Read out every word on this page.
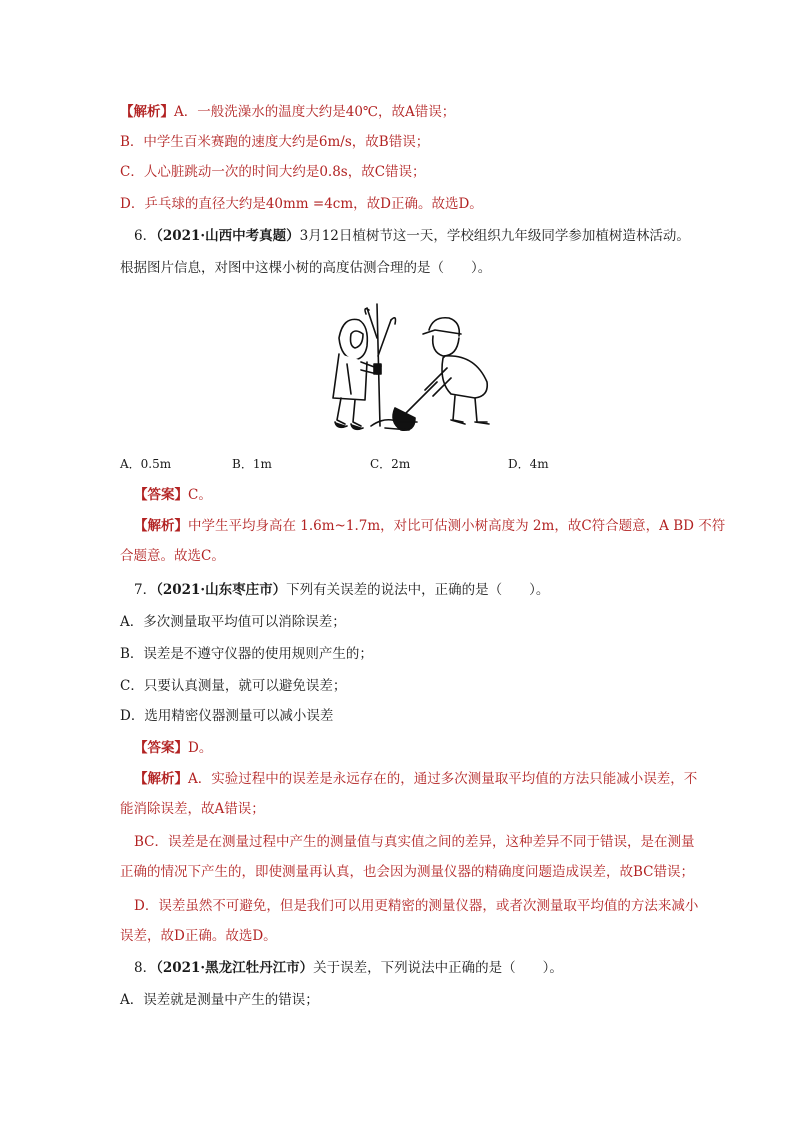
【解析】A．一般洗澡水的温度大约是40℃，故A错误；
B．中学生百米赛跑的速度大约是6m/s，故B错误；
C．人心脏跳动一次的时间大约是0.8s，故C错误；
D．乒乓球的直径大约是40mm =4cm，故D正确。故选D。
6．（2021·山西中考真题）3月12日植树节这一天，学校组织九年级同学参加植树造林活动。
根据图片信息，对图中这棵小树的高度估测合理的是（　　）。
A．0.5m	B．1m	C．2m	D．4m
【答案】C。
【解析】中学生平均身高在 1.6m~1.7m，对比可估测小树高度为 2m，故C符合题意，A BD 不符
合题意。故选C。
7．（2021·山东枣庄市）下列有关误差的说法中，正确的是（　　）。
A．多次测量取平均值可以消除误差；
B．误差是不遵守仪器的使用规则产生的；
C．只要认真测量，就可以避免误差；
D．选用精密仪器测量可以减小误差
【答案】D。
【解析】A．实验过程中的误差是永远存在的，通过多次测量取平均值的方法只能减小误差，不
能消除误差，故A错误；
BC．误差是在测量过程中产生的测量值与真实值之间的差异，这种差异不同于错误，是在测量
正确的情况下产生的，即使测量再认真，也会因为测量仪器的精确度问题造成误差，故BC错误；
D．误差虽然不可避免，但是我们可以用更精密的测量仪器，或者次测量取平均值的方法来减小
误差，故D正确。故选D。
8．（2021·黑龙江牡丹江市）关于误差，下列说法中正确的是（　　）。
A．误差就是测量中产生的错误；
